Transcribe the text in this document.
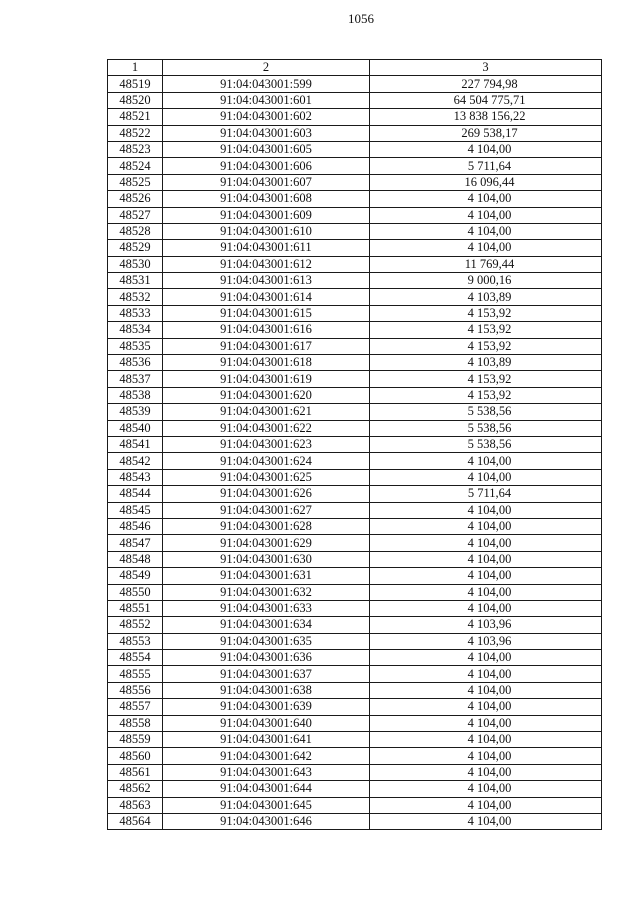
1056
1	2	3
48519	91:04:043001:599	227 794,98
48520	91:04:043001:601	64 504 775,71
48521	91:04:043001:602	13 838 156,22
48522	91:04:043001:603	269 538,17
48523	91:04:043001:605	4 104,00
48524	91:04:043001:606	5 711,64
48525	91:04:043001:607	16 096,44
48526	91:04:043001:608	4 104,00
48527	91:04:043001:609	4 104,00
48528	91:04:043001:610	4 104,00
48529	91:04:043001:611	4 104,00
48530	91:04:043001:612	11 769,44
48531	91:04:043001:613	9 000,16
48532	91:04:043001:614	4 103,89
48533	91:04:043001:615	4 153,92
48534	91:04:043001:616	4 153,92
48535	91:04:043001:617	4 153,92
48536	91:04:043001:618	4 103,89
48537	91:04:043001:619	4 153,92
48538	91:04:043001:620	4 153,92
48539	91:04:043001:621	5 538,56
48540	91:04:043001:622	5 538,56
48541	91:04:043001:623	5 538,56
48542	91:04:043001:624	4 104,00
48543	91:04:043001:625	4 104,00
48544	91:04:043001:626	5 711,64
48545	91:04:043001:627	4 104,00
48546	91:04:043001:628	4 104,00
48547	91:04:043001:629	4 104,00
48548	91:04:043001:630	4 104,00
48549	91:04:043001:631	4 104,00
48550	91:04:043001:632	4 104,00
48551	91:04:043001:633	4 104,00
48552	91:04:043001:634	4 103,96
48553	91:04:043001:635	4 103,96
48554	91:04:043001:636	4 104,00
48555	91:04:043001:637	4 104,00
48556	91:04:043001:638	4 104,00
48557	91:04:043001:639	4 104,00
48558	91:04:043001:640	4 104,00
48559	91:04:043001:641	4 104,00
48560	91:04:043001:642	4 104,00
48561	91:04:043001:643	4 104,00
48562	91:04:043001:644	4 104,00
48563	91:04:043001:645	4 104,00
48564	91:04:043001:646	4 104,00
